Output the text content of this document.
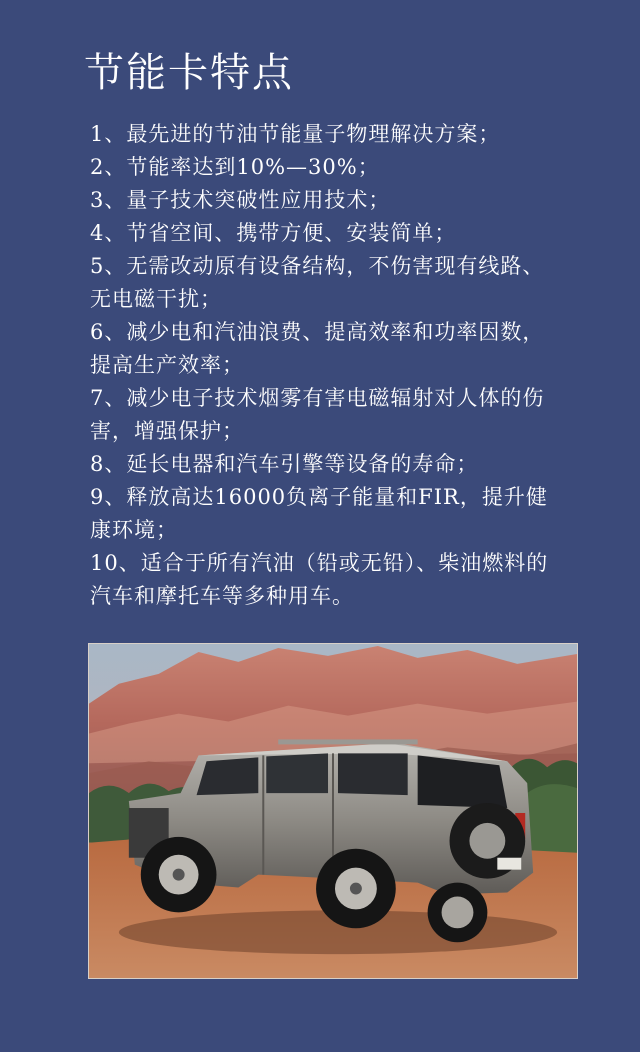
节能卡特点
1、最先进的节油节能量子物理解决方案；
2、节能率达到10%—30%；
3、量子技术突破性应用技术；
4、节省空间、携带方便、安装简单；
5、无需改动原有设备结构，不伤害现有线路、无电磁干扰；
6、减少电和汽油浪费、提高效率和功率因数，提高生产效率；
7、减少电子技术烟雾有害电磁辐射对人体的伤害，增强保护；
8、延长电器和汽车引擎等设备的寿命；
9、释放高达16000负离子能量和FIR，提升健康环境；
10、适合于所有汽油（铅或无铅）、柴油燃料的汽车和摩托车等多种用车。
